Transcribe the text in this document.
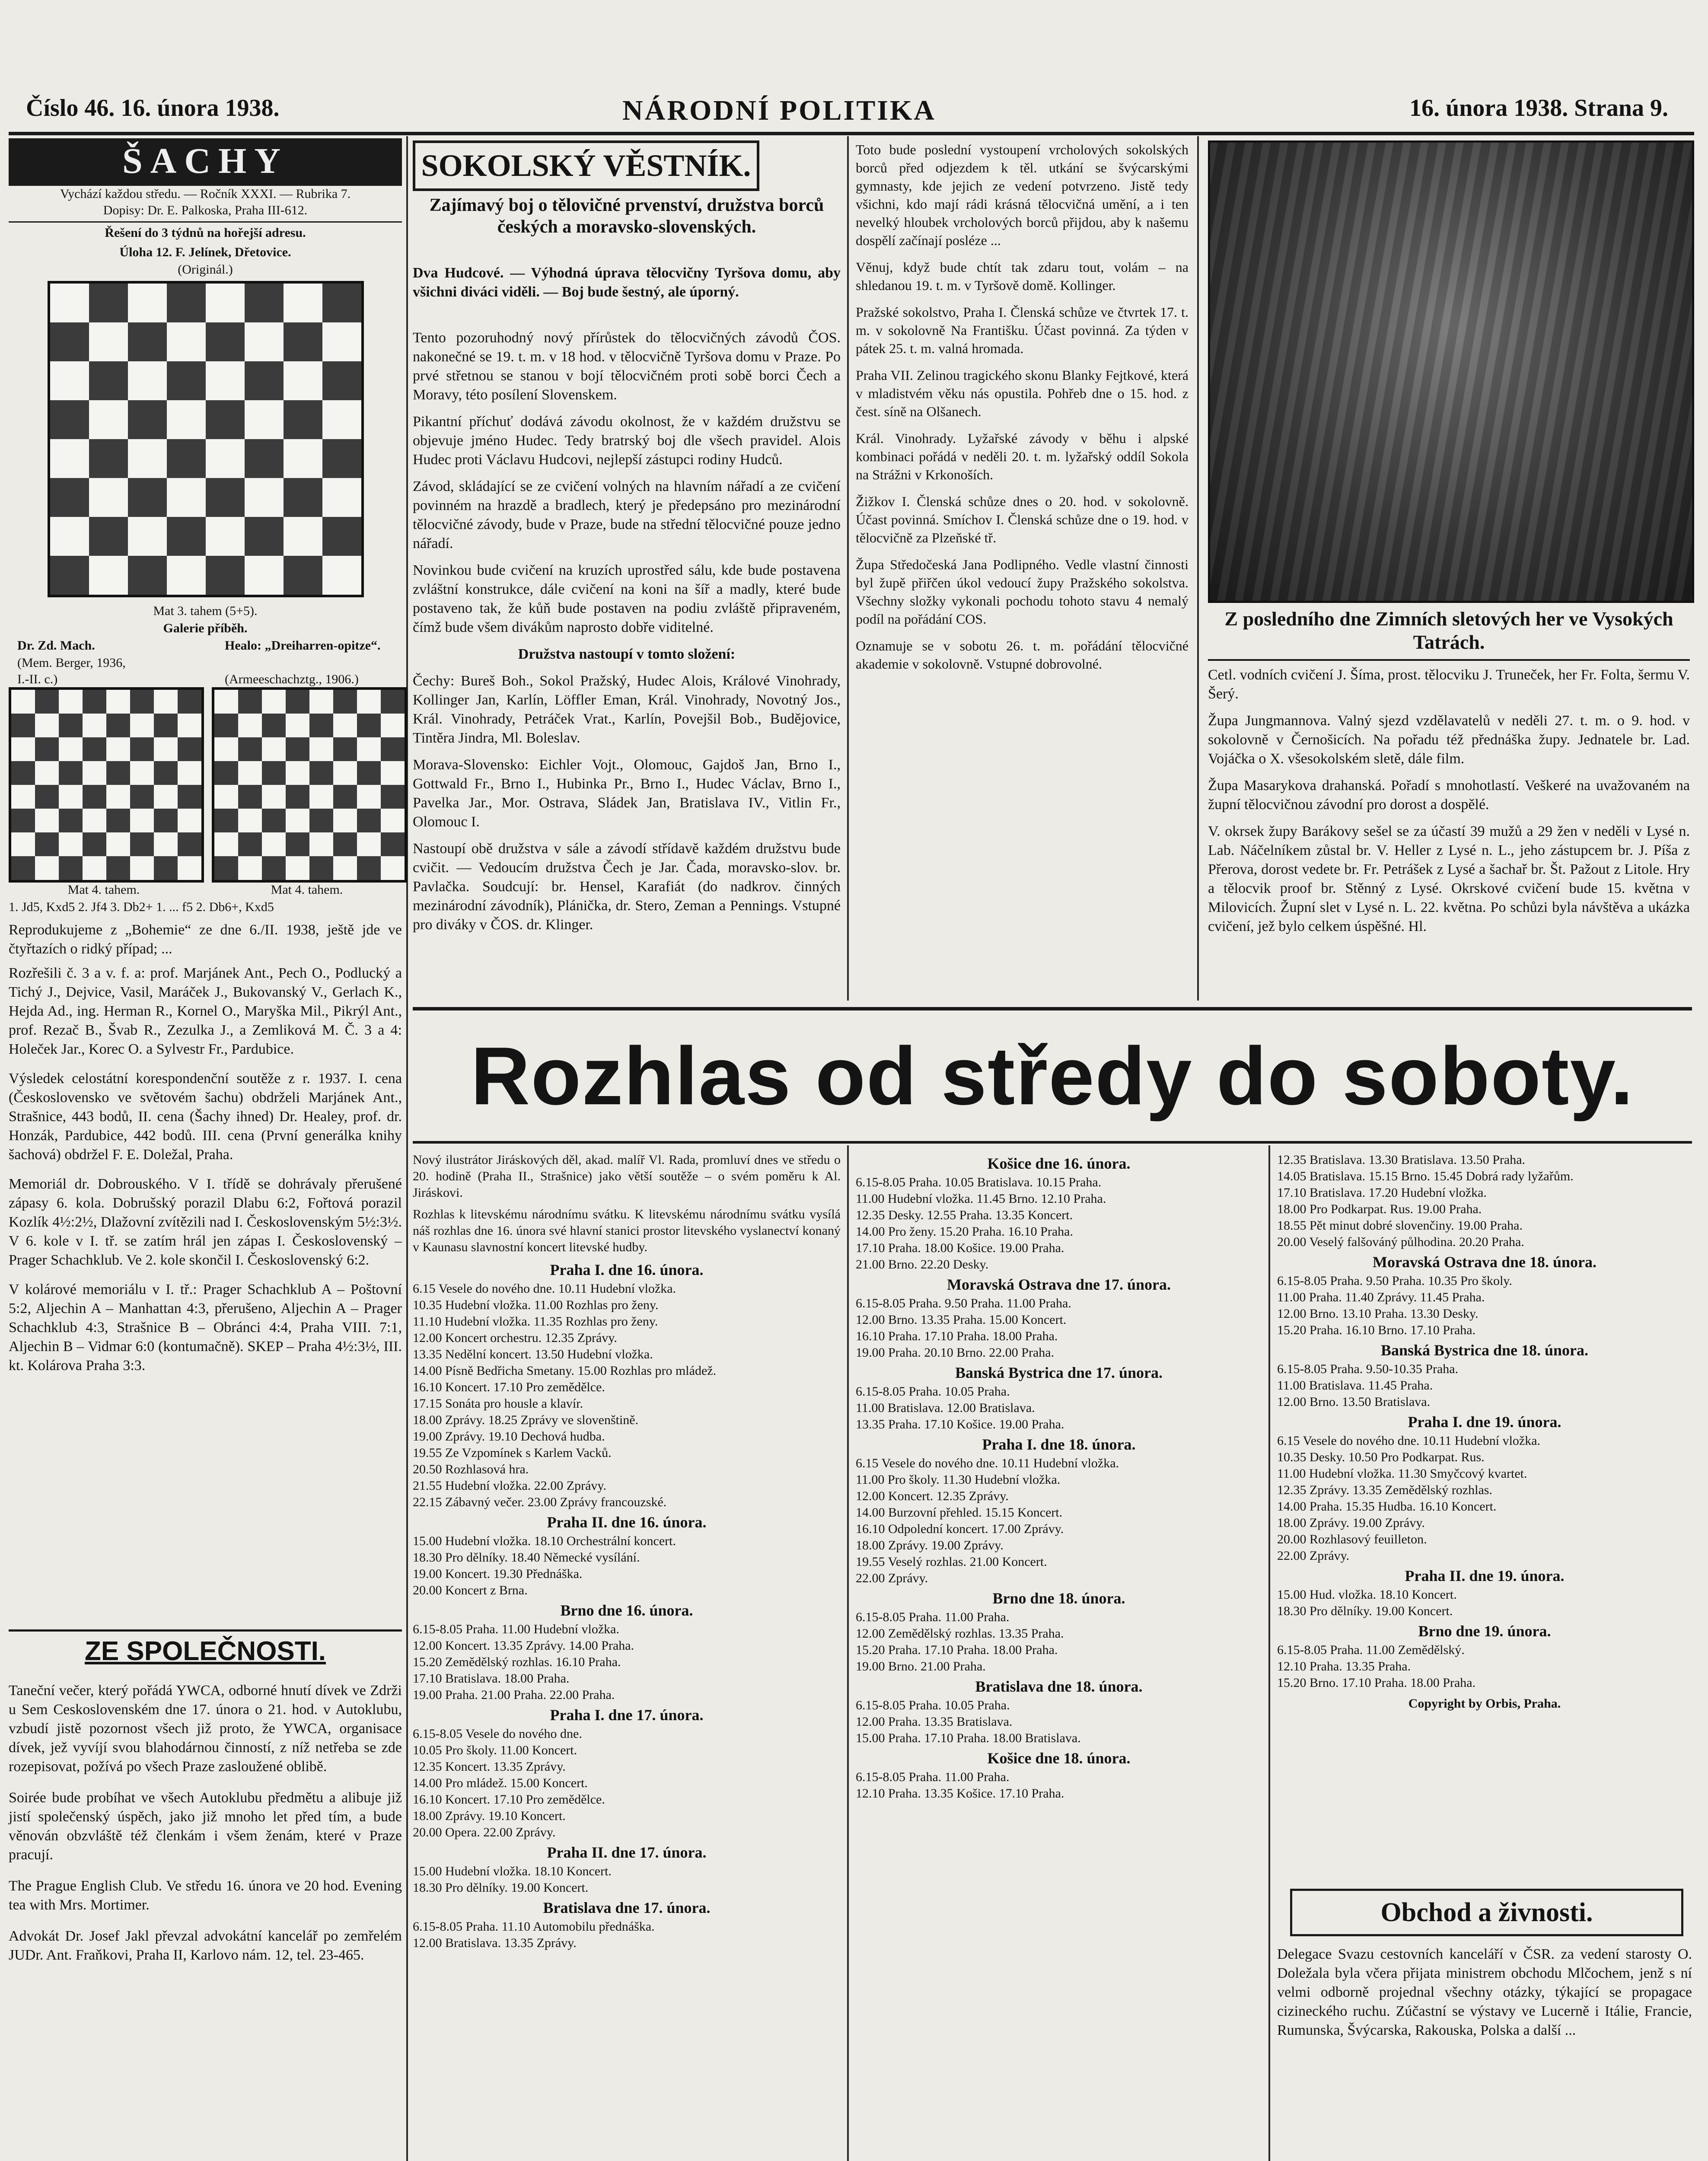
Číslo 46. 16. února 1938.	NÁRODNÍ POLITIKA	16. února 1938. Strana 9.
ŠACHY
Vychází každou středu. — Ročník XXXI. — Rubrika 7.
Dopisy: Dr. E. Palkoska, Praha III-612.
Řešení do 3 týdnů na hořejší adresu.
Úloha 12. F. Jelínek, Dřetovice.
(Originál.)
Mat 3. tahem (5+5).
Galerie příběh.
Dr. Zd. Mach.	Healo: „Dreiharren-opitze“.
(Mem. Berger, 1936,
I.-II. c.)	(Armeeschachztg., 1906.)
Mat 4. tahem.	Mat 4. tahem.
1. Jd5, Kxd5 2. Jf4 3. Db2+ 1. ... f5 2. Db6+, Kxd5
Reprodukujeme z „Bohemie“ ze dne 6./II. 1938, ještě jde ve čtyřtazích o ridký případ; ...

Rozřešili č. 3 a v. f. a: prof. Marjánek Ant., Pech O., Podlucký a Tichý J., Dejvice, Vasil, Maráček J., Bukovanský V., Gerlach K., Hejda Ad., ing. Herman R., Kornel O., Maryška Mil., Pikrýl Ant., prof. Rezač B., Švab R., Zezulka J., a Zemliková M. Č. 3 a 4: Holeček Jar., Korec O. a Sylvestr Fr., Pardubice.

Výsledek celostátní korespondenční soutěže z r. 1937. I. cena (Československo ve světovém šachu) obdrželi Marjánek Ant., Strašnice, 443 bodů, II. cena (Šachy ihned) Dr. Healey, prof. dr. Honzák, Pardubice, 442 bodů. III. cena (První generálka knihy šachová) obdržel F. E. Doležal, Praha.

Memoriál dr. Dobrouského. V I. třídě se dohrávaly přerušené zápasy 6. kola. Dobrušský porazil Dlabu 6:2, Fořtová porazil Kozlík 4½:2½, Dlažovní zvítězili nad I. Československým 5½:3½. V 6. kole v I. tř. se zatím hrál jen zápas I. Československý – Prager Schachklub. Ve 2. kole skončil I. Československý 6:2.

V kolárové memoriálu v I. tř.: Prager Schachklub A – Poštovní 5:2, Aljechin A – Manhattan 4:3, přerušeno, Aljechin A – Prager Schachklub 4:3, Strašnice B – Obránci 4:4, Praha VIII. 7:1, Aljechin B – Vidmar 6:0 (kontumačně). SKEP – Praha 4½:3½, III. kt. Kolárova Praha 3:3.

ZE SPOLEČNOSTI.

Taneční večer, který pořádá YWCA, odborné hnutí dívek ve Zdrži u Sem Ceskoslovenském dne 17. února o 21. hod. v Autoklubu, vzbudí jistě pozornost všech již proto, že YWCA, organisace dívek, jež vyvíjí svou blahodárnou činností, z níž netřeba se zde rozepisovat, požívá po všech Praze zasloužené oblibě.

Soirée bude probíhat ve všech Autoklubu předmětu a alibuje již jistí společenský úspěch, jako již mnoho let před tím, a bude věnován obzvláště též členkám i všem ženám, které v Praze pracují.

The Prague English Club. Ve středu 16. února ve 20 hod. Evening tea with Mrs. Mortimer.

Advokát Dr. Josef Jakl převzal advokátní kancelář po zemřelém JUDr. Ant. Fraňkovi, Praha II, Karlovo nám. 12, tel. 23-465.

SOKOLSKÝ VĚSTNÍK.
Zajímavý boj o tělovičné prvenství, družstva borců českých a moravsko-slovenských.
Dva Hudcové. — Výhodná úprava tělocvičny Tyršova domu, aby všichni diváci viděli. — Boj bude šestný, ale úporný.

Tento pozoruhodný nový přírůstek do tělocvičných závodů ČOS. nakonečné se 19. t. m. v 18 hod. v tělocvičně Tyršova domu v Praze. Po prvé střetnou se stanou v bojí tělocvičném proti sobě borci Čech a Moravy, této posílení Slovenskem.

Pikantní příchuť dodává závodu okolnost, že v každém družstvu se objevuje jméno Hudec. Tedy bratrský boj dle všech pravidel. Alois Hudec proti Václavu Hudcovi, nejlepší zástupci rodiny Hudců.

Závod, skládající se ze cvičení volných na hlavním nářadí a ze cvičení povinném na hrazdě a bradlech, který je předepsáno pro mezinárodní tělocvičné závody, bude v Praze, bude na střední tělocvičné pouze jedno nářadí.

Novinkou bude cvičení na kruzích uprostřed sálu, kde bude postavena zvláštní konstrukce, dále cvičení na koni na šíř a madly, které bude postaveno tak, že kůň bude postaven na podiu zvláště připraveném, čímž bude všem divákům naprosto dobře viditelné.

Družstva nastoupí v tomto složení:

Čechy: Bureš Boh., Sokol Pražský, Hudec Alois, Králové Vinohrady, Kollinger Jan, Karlín, Löffler Eman, Král. Vinohrady, Novotný Jos., Král. Vinohrady, Petráček Vrat., Karlín, Povejšil Bob., Budějovice, Tintěra Jindra, Ml. Boleslav.

Morava-Slovensko: Eichler Vojt., Olomouc, Gajdoš Jan, Brno I., Gottwald Fr., Brno I., Hubinka Pr., Brno I., Hudec Václav, Brno I., Pavelka Jar., Mor. Ostrava, Sládek Jan, Bratislava IV., Vitlin Fr., Olomouc I.

Nastoupí obě družstva v sále a závodí střídavě každém družstvu bude cvičit. — Vedoucím družstva Čech je Jar. Čada, moravsko-slov. br. Pavlačka. Soudcují: br. Hensel, Karafiát (do nadkrov. činných mezinárodní závodník), Plánička, dr. Stero, Zeman a Pennings. Vstupné pro diváky v ČOS. dr. Klinger.

Toto bude poslední vystoupení vrcholových sokolských borců před odjezdem k těl. utkání se švýcarskými gymnasty, kde jejich ze vedení potvrzeno. Jistě tedy všichni, kdo mají rádi krásná tělocvičná umění, a i ten nevelký hloubek vrcholových borců přijdou, aby k našemu dospělí začínají posléze ...

Věnuj, když bude chtít tak zdaru tout, volám – na shledanou 19. t. m. v Tyršově domě. Kollinger.

Pražské sokolstvo, Praha I. Členská schůze ve čtvrtek 17. t. m. v sokolovně Na Františku. Účast povinná. Za týden v pátek 25. t. m. valná hromada.

Praha VII. Zelinou tragického skonu Blanky Fejtkové, která v mladistvém věku nás opustila. Pohřeb dne o 15. hod. z čest. síně na Olšanech.

Král. Vinohrady. Lyžařské závody v běhu i alpské kombinaci pořádá v neděli 20. t. m. lyžařský oddíl Sokola na Strážni v Krkonoších.

Žižkov I. Členská schůze dnes o 20. hod. v sokolovně. Účast povinná. Smíchov I. Členská schůze dne o 19. hod. v tělocvičně za Plzeňské tř.

Župa Středočeská Jana Podlipného. Vedle vlastní činnosti byl župě přiřčen úkol vedoucí župy Pražského sokolstva. Všechny složky vykonali pochodu tohoto stavu 4 nemalý podíl na pořádání COS.

Oznamuje se v sobotu 26. t. m. pořádání tělocvičné akademie v sokolovně. Vstupné dobrovolné.

Z posledního dne Zimních sletových her ve Vysokých Tatrách.

Cetl. vodních cvičení J. Šíma, prost. tělocviku J. Truneček, her Fr. Folta, šermu V. Šerý.

Župa Jungmannova. Valný sjezd vzdělavatelů v neděli 27. t. m. o 9. hod. v sokolovně v Černošicích. Na pořadu též přednáška župy. Jednatele br. Lad. Vojáčka o X. všesokolském sletě, dále film.

Župa Masarykova drahanská. Pořadí s mnohotlastí. Veškeré na uvažovaném na župní tělocvičnou závodní pro dorost a dospělé.

V. okrsek župy Barákovy sešel se za účastí 39 mužů a 29 žen v neděli v Lysé n. Lab. Náčelníkem zůstal br. V. Heller z Lysé n. L., jeho zástupcem br. J. Píša z Přerova, dorost vedete br. Fr. Petrášek z Lysé a šachař br. Št. Pažout z Litole. Hry a tělocvik proof br. Stěnný z Lysé. Okrskové cvičení bude 15. května v Milovicích. Župní slet v Lysé n. L. 22. května. Po schůzi byla návštěva a ukázka cvičení, jež bylo celkem úspěšné. Hl.

Rozhlas od středy do soboty.

Nový ilustrátor Jiráskových děl, akad. malíř Vl. Rada, promluví dnes ve středu o 20. hodině (Praha II., Strašnice) jako větší soutěže – o svém poměru k Al. Jiráskovi.

Rozhlas k litevskému národnímu svátku. K litevskému národnímu svátku vysílá náš rozhlas dne 16. února své hlavní stanici prostor litevského vyslanectví konaný v Kaunasu slavnostní koncert litevské hudby.

Praha I. dne 16. února.
6.15 Vesele do nového dne. 10.11 Hudební vložka.
10.35 Hudební vložka. 11.00 Rozhlas pro ženy.
11.10 Hudební vložka. 11.35 Rozhlas pro ženy.
12.00 Koncert orchestru. 12.35 Zprávy.
13.35 Nedělní koncert. 13.50 Hudební vložka.
14.00 Písně Bedřicha Smetany. 15.00 Rozhlas pro mládež.
16.10 Koncert. 17.10 Pro zemědělce.
17.15 Sonáta pro housle a klavír.
18.00 Zprávy. 18.25 Zprávy ve slovenštině.
19.00 Zprávy. 19.10 Dechová hudba.
19.55 Ze Vzpomínek s Karlem Vacků.
20.50 Rozhlasová hra.
21.55 Hudební vložka. 22.00 Zprávy.
22.15 Zábavný večer. 23.00 Zprávy francouzské.
Praha II. dne 16. února.
15.00 Hudební vložka. 18.10 Orchestrální koncert.
18.30 Pro dělníky. 18.40 Německé vysílání.
19.00 Koncert. 19.30 Přednáška.
20.00 Koncert z Brna.
Brno dne 16. února.
6.15-8.05 Praha. 11.00 Hudební vložka.
12.00 Koncert. 13.35 Zprávy. 14.00 Praha.
15.20 Zemědělský rozhlas. 16.10 Praha.
17.10 Bratislava. 18.00 Praha.
19.00 Praha. 21.00 Praha. 22.00 Praha.
Praha I. dne 17. února.
6.15-8.05 Vesele do nového dne.
10.05 Pro školy. 11.00 Koncert.
12.35 Koncert. 13.35 Zprávy.
14.00 Pro mládež. 15.00 Koncert.
16.10 Koncert. 17.10 Pro zemědělce.
18.00 Zprávy. 19.10 Koncert.
20.00 Opera. 22.00 Zprávy.
Praha II. dne 17. února.
15.00 Hudební vložka. 18.10 Koncert.
18.30 Pro dělníky. 19.00 Koncert.
Bratislava dne 17. února.
6.15-8.05 Praha. 11.10 Automobilu přednáška.
12.00 Bratislava. 13.35 Zprávy.
Košice dne 16. února.
6.15-8.05 Praha. 10.05 Bratislava. 10.15 Praha.
11.00 Hudební vložka. 11.45 Brno. 12.10 Praha.
12.35 Desky. 12.55 Praha. 13.35 Koncert.
14.00 Pro ženy. 15.20 Praha. 16.10 Praha.
17.10 Praha. 18.00 Košice. 19.00 Praha.
21.00 Brno. 22.20 Desky.
Moravská Ostrava dne 17. února.
6.15-8.05 Praha. 9.50 Praha. 11.00 Praha.
12.00 Brno. 13.35 Praha. 15.00 Koncert.
16.10 Praha. 17.10 Praha. 18.00 Praha.
19.00 Praha. 20.10 Brno. 22.00 Praha.
Banská Bystrica dne 17. února.
6.15-8.05 Praha. 10.05 Praha.
11.00 Bratislava. 12.00 Bratislava.
13.35 Praha. 17.10 Košice. 19.00 Praha.
Praha I. dne 18. února.
6.15 Vesele do nového dne. 10.11 Hudební vložka.
11.00 Pro školy. 11.30 Hudební vložka.
12.00 Koncert. 12.35 Zprávy.
14.00 Burzovní přehled. 15.15 Koncert.
16.10 Odpolední koncert. 17.00 Zprávy.
18.00 Zprávy. 19.00 Zprávy.
19.55 Veselý rozhlas. 21.00 Koncert.
22.00 Zprávy.
Brno dne 18. února.
6.15-8.05 Praha. 11.00 Praha.
12.00 Zemědělský rozhlas. 13.35 Praha.
15.20 Praha. 17.10 Praha. 18.00 Praha.
19.00 Brno. 21.00 Praha.
Bratislava dne 18. února.
6.15-8.05 Praha. 10.05 Praha.
12.00 Praha. 13.35 Bratislava.
15.00 Praha. 17.10 Praha. 18.00 Bratislava.
Košice dne 18. února.
6.15-8.05 Praha. 11.00 Praha.
12.10 Praha. 13.35 Košice. 17.10 Praha.
12.35 Bratislava. 13.30 Bratislava. 13.50 Praha.
14.05 Bratislava. 15.15 Brno. 15.45 Dobrá rady lyžařům.
17.10 Bratislava. 17.20 Hudební vložka.
18.00 Pro Podkarpat. Rus. 19.00 Praha.
18.55 Pět minut dobré slovenčiny. 19.00 Praha.
20.00 Veselý falšováný půlhodina. 20.20 Praha.
Moravská Ostrava dne 18. února.
6.15-8.05 Praha. 9.50 Praha. 10.35 Pro školy.
11.00 Praha. 11.40 Zprávy. 11.45 Praha.
12.00 Brno. 13.10 Praha. 13.30 Desky.
15.20 Praha. 16.10 Brno. 17.10 Praha.
Banská Bystrica dne 18. února.
6.15-8.05 Praha. 9.50-10.35 Praha.
11.00 Bratislava. 11.45 Praha.
12.00 Brno. 13.50 Bratislava.
Praha I. dne 19. února.
6.15 Vesele do nového dne. 10.11 Hudební vložka.
10.35 Desky. 10.50 Pro Podkarpat. Rus.
11.00 Hudební vložka. 11.30 Smyčcový kvartet.
12.35 Zprávy. 13.35 Zemědělský rozhlas.
14.00 Praha. 15.35 Hudba. 16.10 Koncert.
18.00 Zprávy. 19.00 Zprávy.
20.00 Rozhlasový feuilleton.
22.00 Zprávy.
Praha II. dne 19. února.
15.00 Hud. vložka. 18.10 Koncert.
18.30 Pro dělníky. 19.00 Koncert.
Brno dne 19. února.
6.15-8.05 Praha. 11.00 Zemědělský.
12.10 Praha. 13.35 Praha.
15.20 Brno. 17.10 Praha. 18.00 Praha.
Copyright by Orbis, Praha.
Obchod a živnosti.
Delegace Svazu cestovních kanceláří v ČSR. za vedení starosty O. Doležala byla včera přijata ministrem obchodu Mlčochem, jenž s ní velmi odborně projednal všechny otázky, týkající se propagace cizineckého ruchu. Zúčastní se výstavy ve Lucerně i Itálie, Francie, Rumunska, Švýcarska, Rakouska, Polska a další ...
